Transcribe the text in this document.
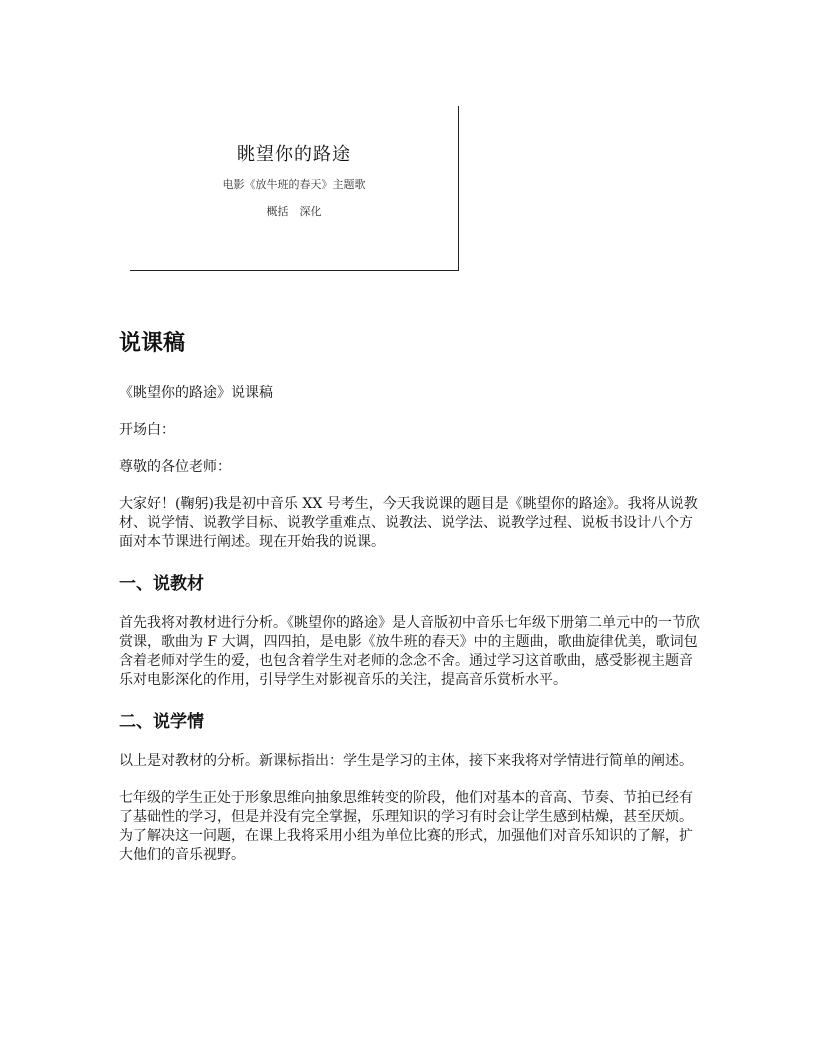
眺望你的路途
电影《放牛班的春天》主题歌
概括　深化
说课稿

《眺望你的路途》说课稿

开场白：

尊敬的各位老师：

大家好！(鞠躬)我是初中音乐 XX 号考生，今天我说课的题目是《眺望你的路途》。我将从说教材、说学情、说教学目标、说教学重难点、说教法、说学法、说教学过程、说板书设计八个方面对本节课进行阐述。现在开始我的说课。

一、说教材

首先我将对教材进行分析。《眺望你的路途》是人音版初中音乐七年级下册第二单元中的一节欣赏课，歌曲为 F 大调，四四拍，是电影《放牛班的春天》中的主题曲，歌曲旋律优美，歌词包含着老师对学生的爱，也包含着学生对老师的念念不舍。通过学习这首歌曲，感受影视主题音乐对电影深化的作用，引导学生对影视音乐的关注，提高音乐赏析水平。

二、说学情

以上是对教材的分析。新课标指出：学生是学习的主体，接下来我将对学情进行简单的阐述。

七年级的学生正处于形象思维向抽象思维转变的阶段，他们对基本的音高、节奏、节拍已经有了基础性的学习，但是并没有完全掌握，乐理知识的学习有时会让学生感到枯燥，甚至厌烦。为了解决这一问题，在课上我将采用小组为单位比赛的形式，加强他们对音乐知识的了解，扩大他们的音乐视野。
